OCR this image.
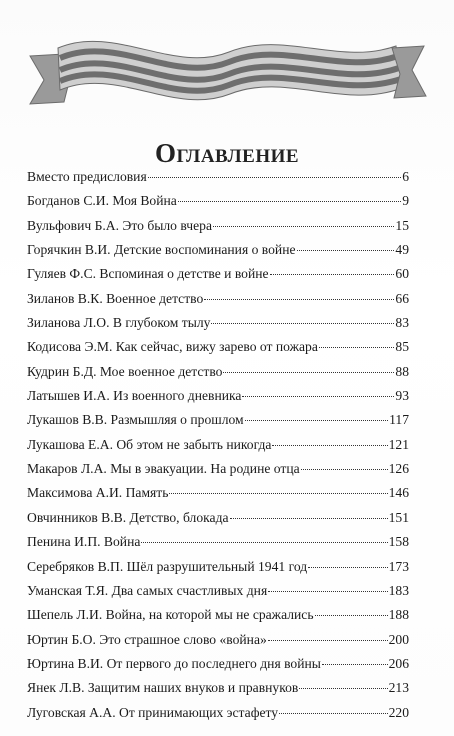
Оглавление
Вместо предисловия	6
Богданов С.И. Моя Война	9
Вульфович Б.А. Это было вчера	15
Горячкин В.И. Детские воспоминания о войне	49
Гуляев Ф.С. Вспоминая о детстве и войне	60
Зиланов В.К. Военное детство	66
Зиланова Л.О. В глубоком тылу	83
Кодисова Э.М. Как сейчас, вижу зарево от пожара	85
Кудрин Б.Д. Мое военное детство	88
Латышев И.А. Из военного дневника	93
Лукашов В.В. Размышляя о прошлом	117
Лукашова Е.А. Об этом не забыть никогда	121
Макаров Л.А. Мы в эвакуации. На родине отца	126
Максимова А.И. Память	146
Овчинников В.В. Детство, блокада	151
Пенина И.П. Война	158
Серебряков В.П. Шёл разрушительный 1941 год	173
Уманская Т.Я. Два самых счастливых дня	183
Шепель Л.И. Война, на которой мы не сражались	188
Юртин Б.О. Это страшное слово «война»	200
Юртина В.И. От первого до последнего дня войны	206
Янек Л.В. Защитим наших внуков и правнуков	213
Луговская А.А. От принимающих эстафету	220
